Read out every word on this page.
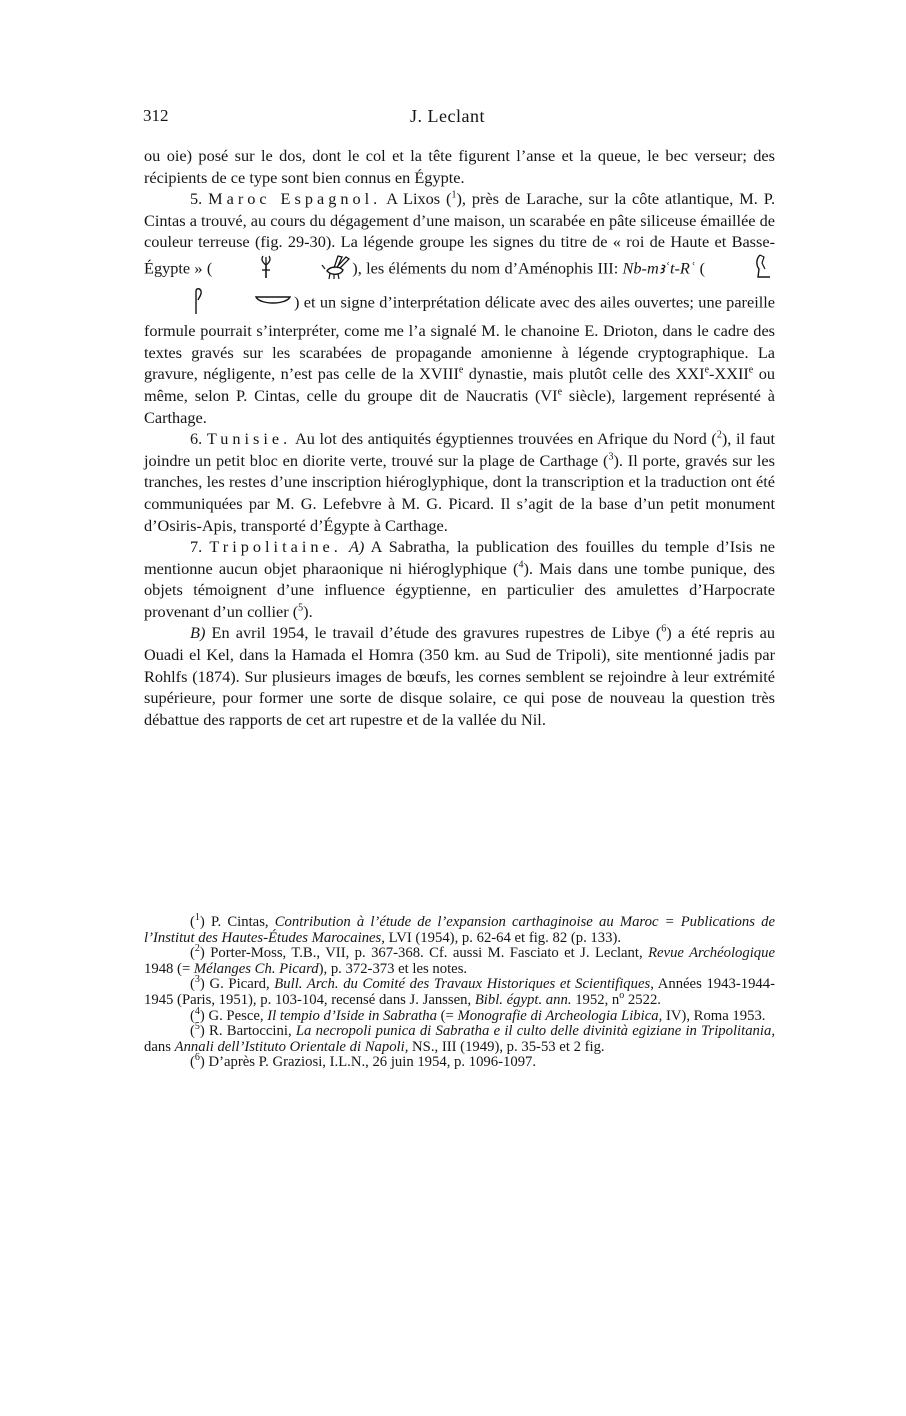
312	J. Leclant

ou oie) posé sur le dos, dont le col et la tête figurent l’anse et la queue, le bec verseur; des récipients de ce type sont bien connus en Égypte.

5. Maroc Espagnol. A Lixos ($^1$), près de Larache, sur la côte atlantique, M. P. Cintas a trouvé, au cours du dégagement d’une maison, un scarabée en pâte siliceuse émaillée de couleur terreuse (fig. 29-30). La légende groupe les signes du titre de « roi de Haute et Basse-Égypte » (	), les éléments du nom d’Aménophis III: Nb-mꜣʿt-Rʿ () et un signe d’interprétation délicate avec des ailes ouvertes; une pareille formule pourrait s’interpréter, come me l’a signalé M. le chanoine E. Drioton, dans le cadre des textes gravés sur les scarabées de propagande amonienne à légende cryptographique. La gravure, négligente, n’est pas celle de la XVIIIe dynastie, mais plutôt celle des XXIe-XXIIe ou même, selon P. Cintas, celle du groupe dit de Naucratis (VIe siècle), largement représenté à Carthage.

6. Tunisie. Au lot des antiquités égyptiennes trouvées en Afrique du Nord ($^2$), il faut joindre un petit bloc en diorite verte, trouvé sur la plage de Carthage ($^3$). Il porte, gravés sur les tranches, les restes d’une inscription hiéroglyphique, dont la transcription et la traduction ont été communiquées par M. G. Lefebvre à M. G. Picard. Il s’agit de la base d’un petit monument d’Osiris-Apis, transporté d’Égypte à Carthage.

7. Tripolitaine. A) A Sabratha, la publication des fouilles du temple d’Isis ne mentionne aucun objet pharaonique ni hiéroglyphique ($^4$). Mais dans une tombe punique, des objets témoignent d’une influence égyptienne, en particulier des amulettes d’Harpocrate provenant d’un collier ($^5$).

B) En avril 1954, le travail d’étude des gravures rupestres de Libye ($^6$) a été repris au Ouadi el Kel, dans la Hamada el Homra (350 km. au Sud de Tripoli), site mentionné jadis par Rohlfs (1874). Sur plusieurs images de bœufs, les cornes semblent se rejoindre à leur extrémité supérieure, pour former une sorte de disque solaire, ce qui pose de nouveau la question très débattue des rapports de cet art rupestre et de la vallée du Nil.

($^1$) P. Cintas, Contribution à l’étude de l’expansion carthaginoise au Maroc = Publications de l’Institut des Hautes-Études Marocaines, LVI (1954), p. 62-64 et fig. 82 (p. 133).

($^2$) Porter-Moss, T.B., VII, p. 367-368. Cf. aussi M. Fasciato et J. Leclant, Revue Archéologique 1948 (= Mélanges Ch. Picard), p. 372-373 et les notes.

($^3$) G. Picard, Bull. Arch. du Comité des Travaux Historiques et Scientifiques, Années 1943-1944-1945 (Paris, 1951), p. 103-104, recensé dans J. Janssen, Bibl. égypt. ann. 1952, $n^o$ 2522.

($^4$) G. Pesce, Il tempio d’Iside in Sabratha (= Monografie di Archeologia Libica, IV), Roma 1953.

($^5$) R. Bartoccini, La necropoli punica di Sabratha e il culto delle divinità egiziane in Tripolitania, dans Annali dell’Istituto Orientale di Napoli, NS., III (1949), p. 35-53 et 2 fig.

($^6$) D’après P. Graziosi, I.L.N., 26 juin 1954, p. 1096-1097.
